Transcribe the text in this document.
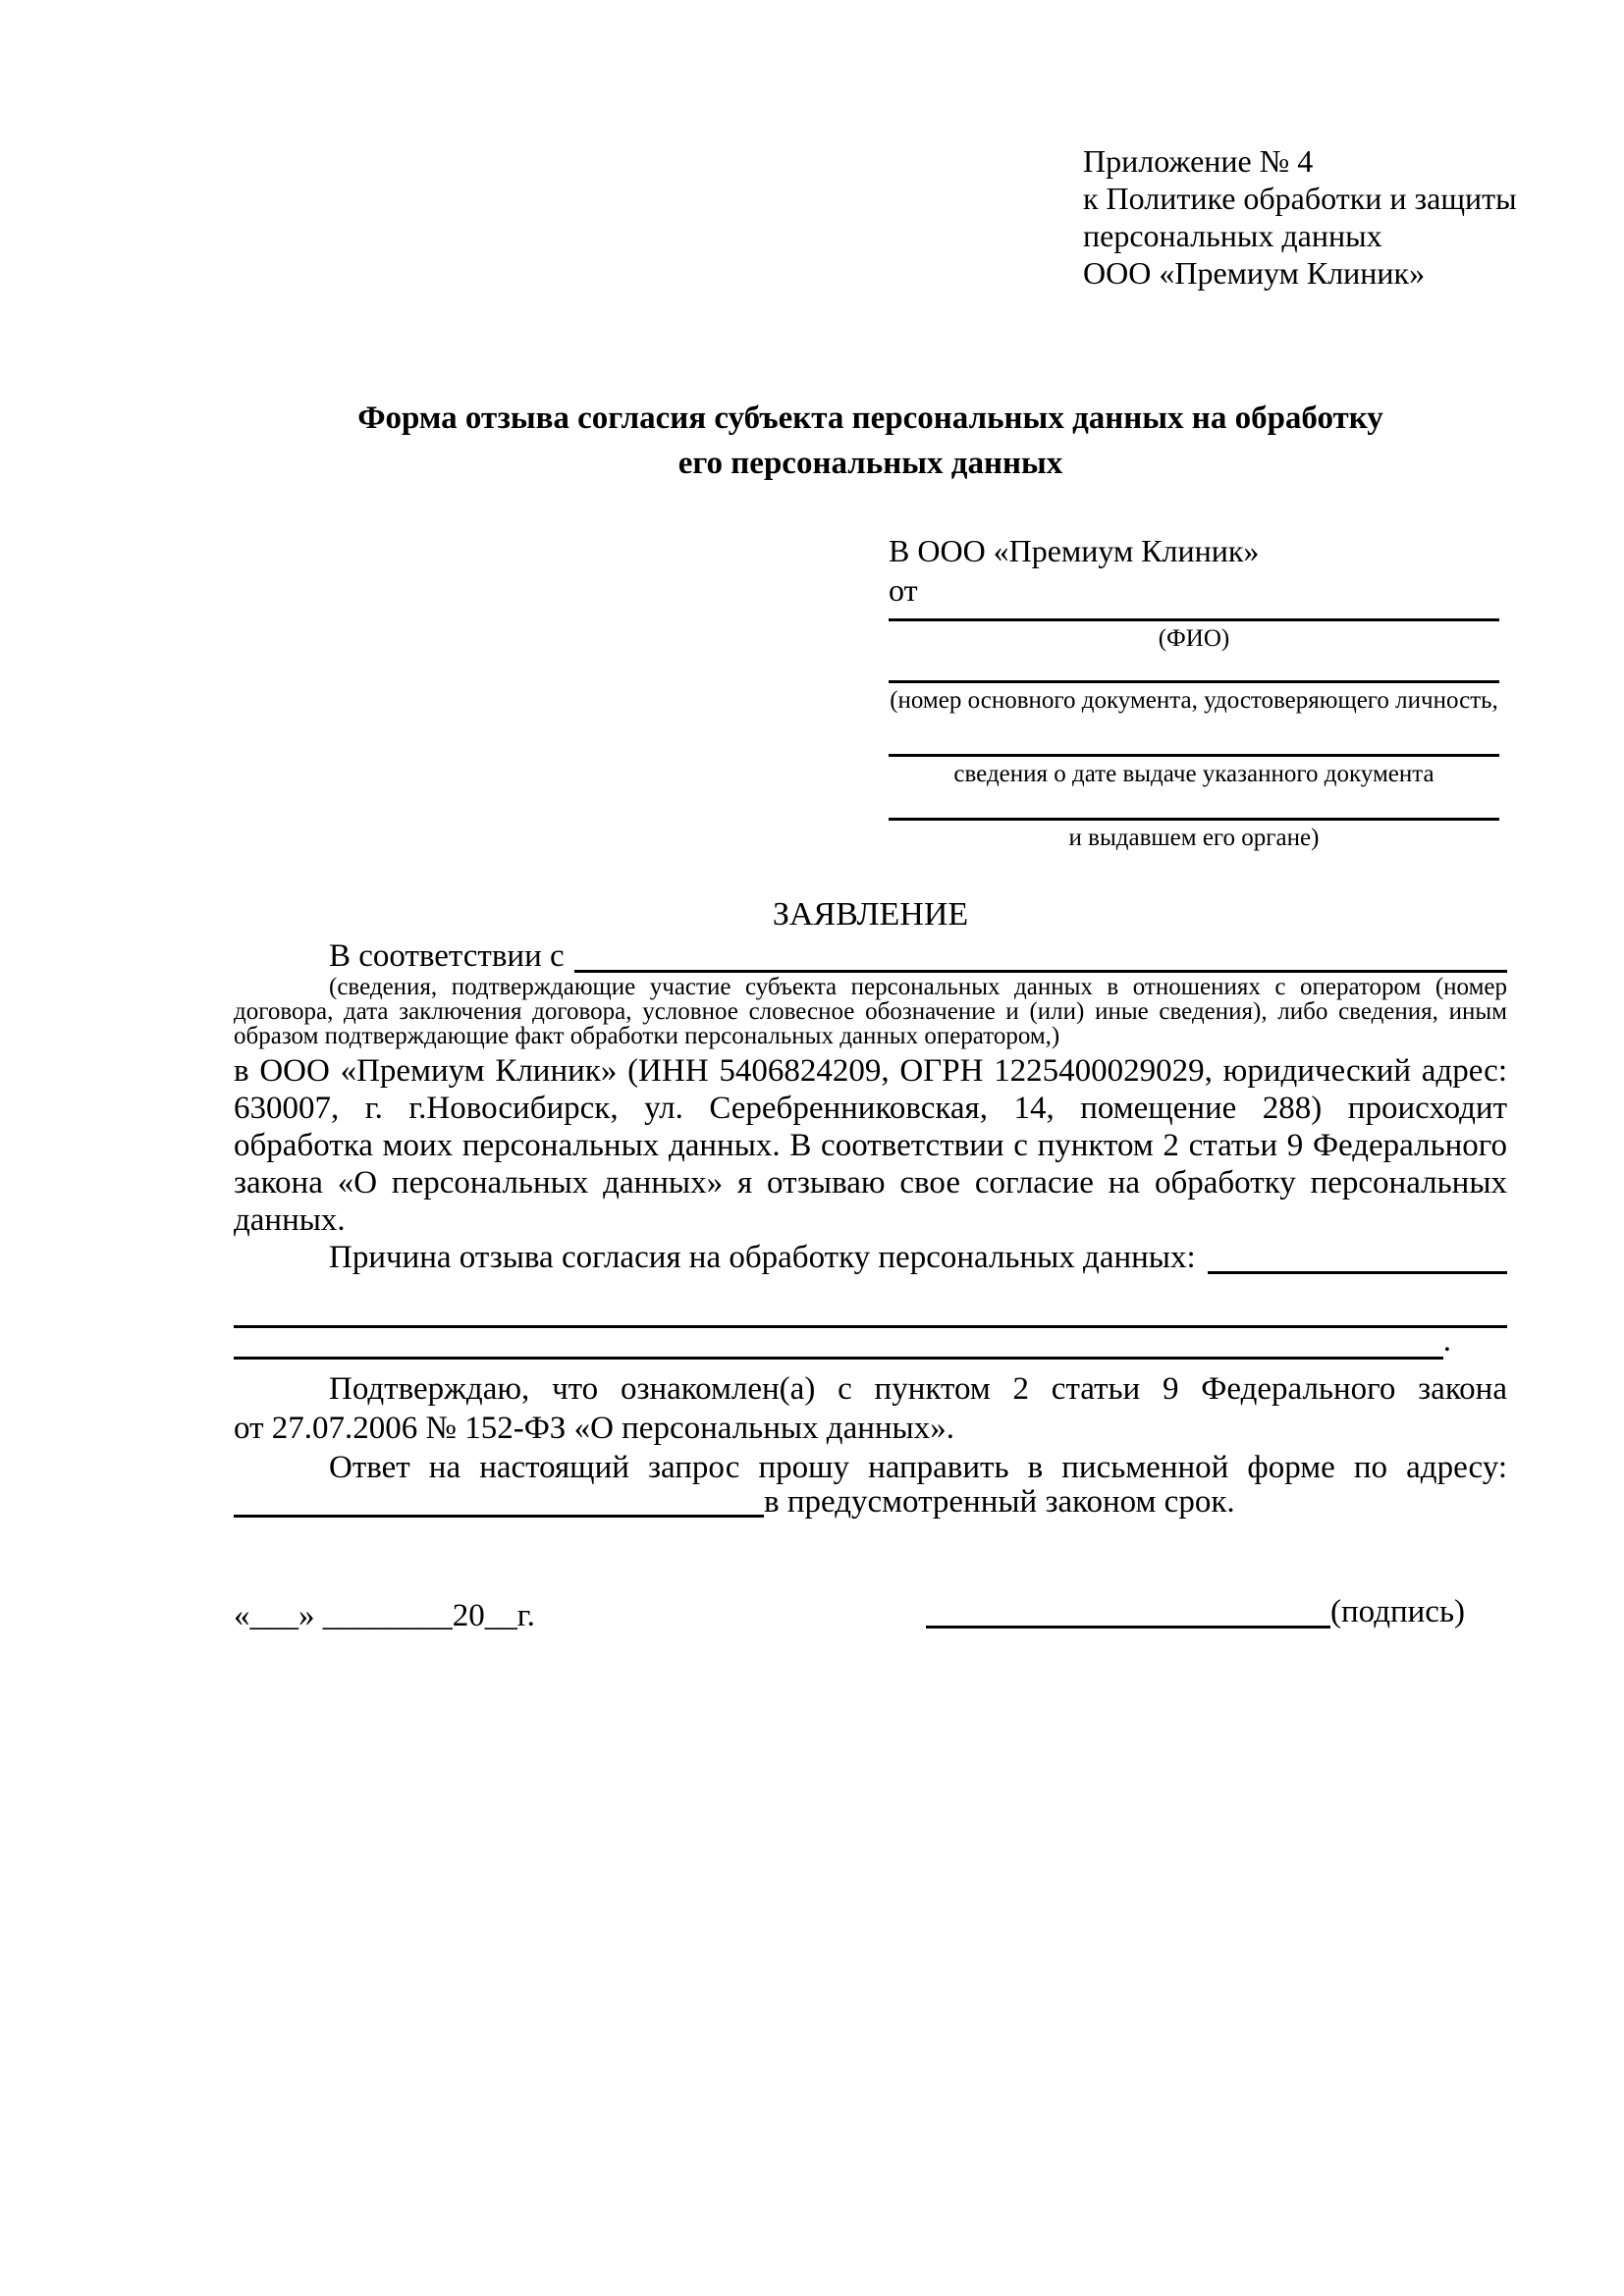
Приложение № 4
к Политике обработки и защиты
персональных данных
ООО «Премиум Клиник»
Форма отзыва согласия субъекта персональных данных на обработку
его персональных данных
В ООО «Премиум Клиник»
от
(ФИО)
(номер основного документа, удостоверяющего личность,
сведения о дате выдаче указанного документа
и выдавшем его органе)
ЗАЯВЛЕНИЕ
В соответствии с
(сведения, подтверждающие участие субъекта персональных данных в отношениях с оператором (номер договора, дата заключения договора, условное словесное обозначение и (или) иные сведения), либо сведения, иным образом подтверждающие факт обработки персональных данных оператором,)
в ООО «Премиум Клиник» (ИНН 5406824209, ОГРН 1225400029029, юридический адрес: 630007, г. г.Новосибирск, ул. Серебренниковская, 14, помещение 288) происходит обработка моих персональных данных. В соответствии с пунктом 2 статьи 9 Федерального закона «О персональных данных» я отзываю свое согласие на обработку персональных данных.
Причина отзыва согласия на обработку персональных данных:
.
Подтверждаю, что ознакомлен(а) с пунктом 2 статьи 9 Федерального закона
от 27.07.2006 № 152-ФЗ «О персональных данных».
Ответ на настоящий запрос прошу направить в письменной форме по адресу:
в предусмотренный законом срок.
«___» ________20__г.	(подпись)
